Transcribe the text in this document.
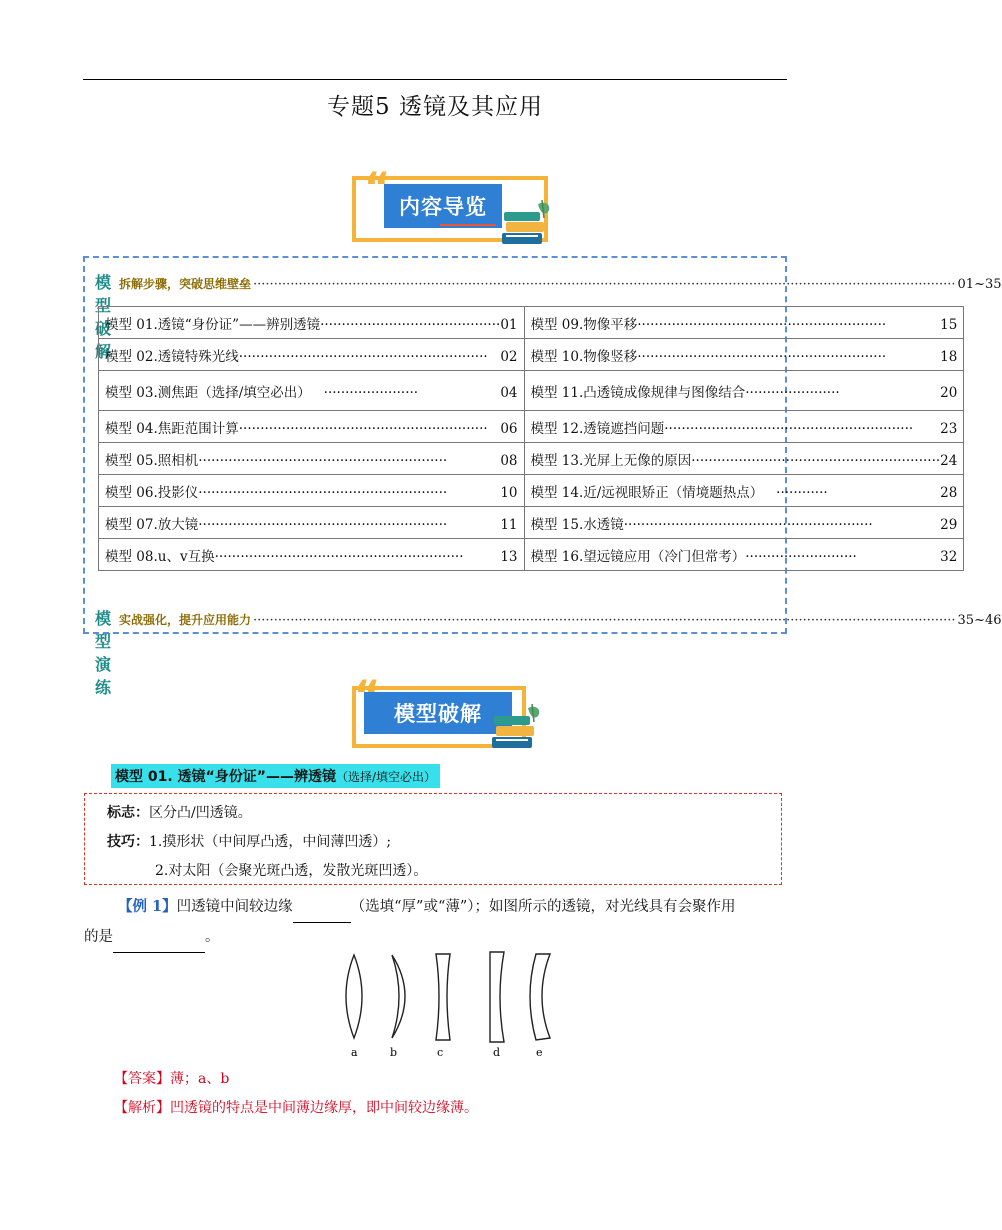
专题5 透镜及其应用
内容导览
“
模型破解
拆解步骤，突破思维壁垒 ·········································································································································································· 01~35
模型 01.透镜“身份证”——辨别透镜 ·········································· 01	模型 09.物像平移 ·························································· 15

模型 02.透镜特殊光线 ·························································· 02	模型 10.物像竖移 ·························································· 18

模型 03.测焦距（选择/填空必出） ······················ 04	模型 11.凸透镜成像规律与图像结合 ······················ 20

模型 04.焦距范围计算 ·························································· 06	模型 12.透镜遮挡问题 ·························································· 23

模型 05.照相机 ·························································· 08	模型 13.光屏上无像的原因 ·························································· 24

模型 06.投影仪 ·························································· 10	模型 14.近/远视眼矫正（情境题热点） ············ 28

模型 07.放大镜 ·························································· 11	模型 15.水透镜 ·························································· 29

模型 08.u、v互换 ·························································· 13	模型 16.望远镜应用（冷门但常考） ·························· 32
模型演练
实战强化，提升应用能力 ·········································································································································································· 35~46
模型破解
“
模型 01. 透镜“身份证”——辨透镜（选择/填空必出）
标志：区分凸/凹透镜。
技巧：1.摸形状（中间厚凸透，中间薄凹透）;
2.对太阳（会聚光斑凸透，发散光斑凹透）。
【例 1】凹透镜中间较边缘	（选填“厚”或“薄”）；如图所示的透镜，对光线具有会聚作用
的是	。
a	b	c	d	e
【答案】薄；a、b
【解析】凹透镜的特点是中间薄边缘厚，即中间较边缘薄。
